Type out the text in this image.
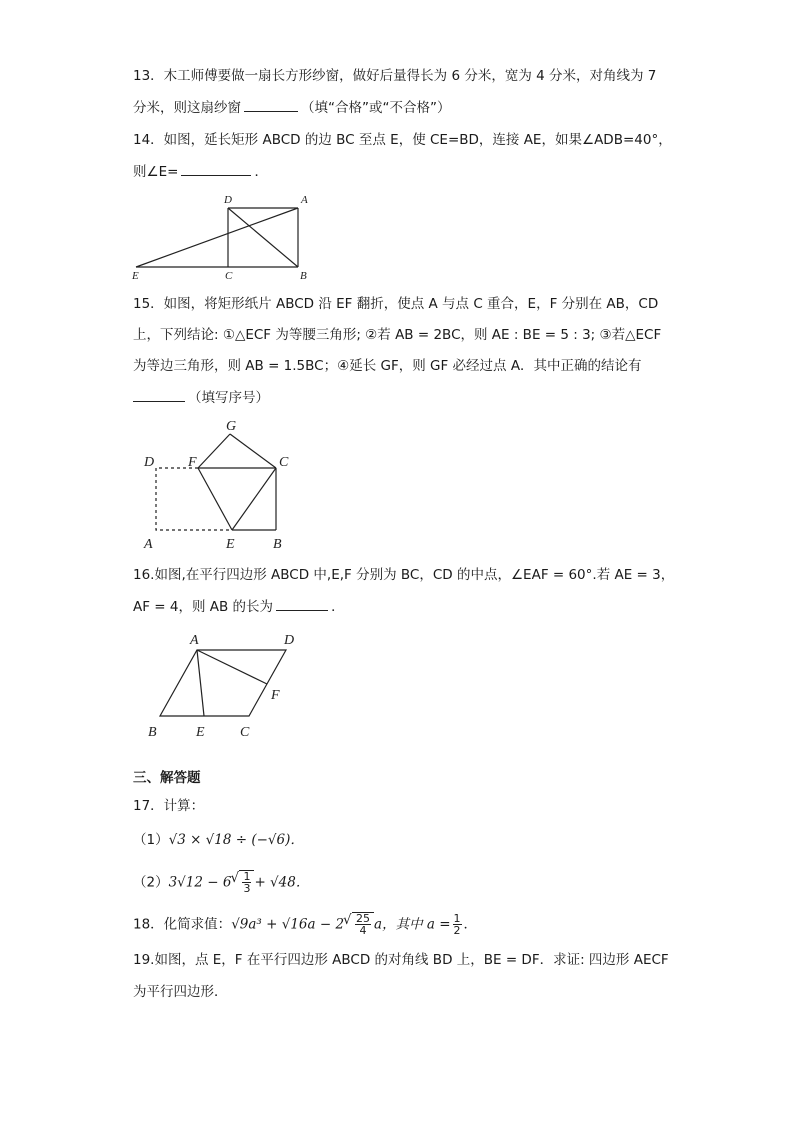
13．木工师傅要做一扇长方形纱窗，做好后量得长为 6 分米，宽为 4 分米，对角线为 7
分米，则这扇纱窗	（填“合格”或“不合格”）
14．如图，延长矩形 ABCD 的边 BC 至点 E，使 CE=BD，连接 AE，如果∠ADB=40°，
则∠E=	．
D	A
E	C	B
15．如图，将矩形纸片 ABCD 沿 EF 翻折，使点 A 与点 C 重合，E，F 分别在 AB，CD
上，下列结论: ①△ECF 为等腰三角形; ②若 AB = 2BC，则 AE : BE = 5 : 3; ③若△ECF
为等边三角形，则 AB = 1.5BC；④延长 GF，则 GF 必经过点 A．其中正确的结论有
（填写序号）
G
D F	C
A	E	B
16.如图,在平行四边形 ABCD 中,E,F 分别为 BC，CD 的中点，∠EAF = 60°.若 AE = 3，
AF = 4，则 AB 的长为	．
A	D
F
B	E	C
三、解答题
17．计算：
（1）√3 × √18 ÷ (−√6)．
（2）3√12 − 6 √ $\frac{1}{3} + √48$．
18．化简求值：√9a³ + √16a − 2 √ $\frac{25}{4}$ a，其中 $a = \frac{1}{2}$ ．
19.如图，点 E，F 在平行四边形 ABCD 的对角线 BD 上，BE = DF．求证: 四边形 AECF
为平行四边形．
